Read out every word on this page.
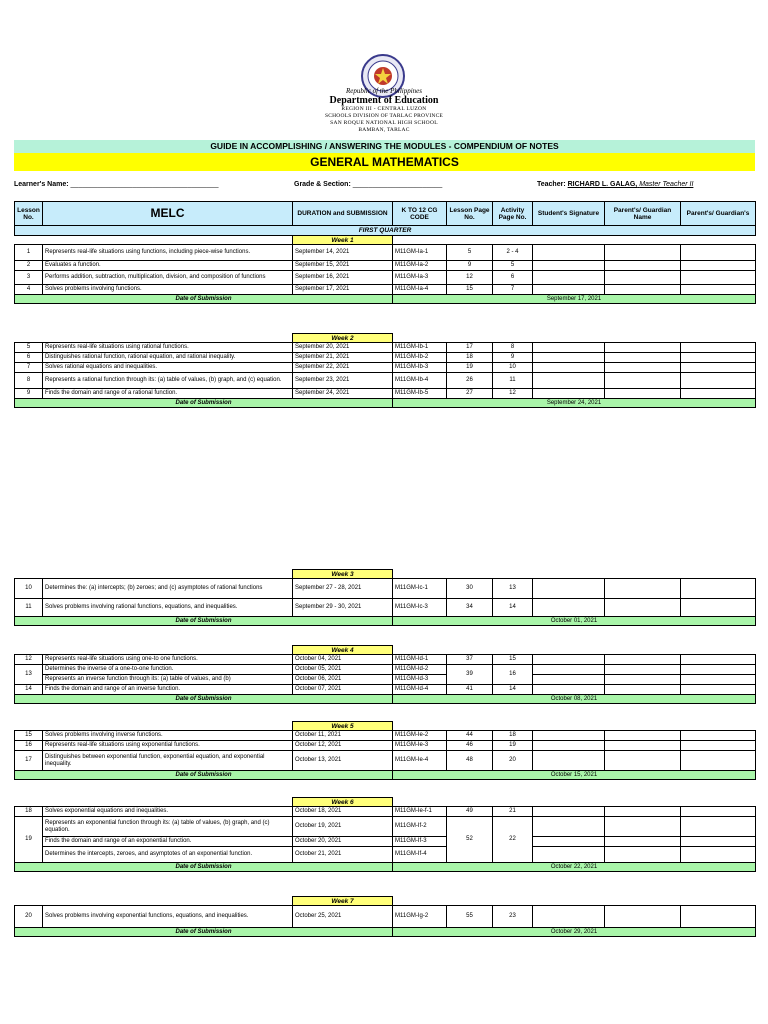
Republic of the Philippines
Department of Education
REGION III - CENTRAL LUZON
SCHOOLS DIVISION OF TARLAC PROVINCE
SAN ROQUE NATIONAL HIGH SCHOOL
BAMBAN, TARLAC
GUIDE IN ACCOMPLISHING / ANSWERING THE MODULES - COMPENDIUM OF NOTES
GENERAL MATHEMATICS
Learner's Name: ______________________________________	Grade & Section: _______________________	Teacher: RICHARD L. GALAG, Master Teacher II
Lesson No.	MELC	DURATION and SUBMISSION	K TO 12 CG CODE	Lesson Page No.	Activity Page No.	Student's Signature	Parent's/ Guardian Name	Parent's/ Guardian's
FIRST QUARTER
		Week 1						
1	Represents real-life situations using functions, including piece-wise functions.	September 14, 2021	M11GM-Ia-1	5	2 - 4			
2	Evaluates a function.	September 15, 2021	M11GM-Ia-2	9	5			
3	Performs addition, subtraction, multiplication, division, and composition of functions	September 16, 2021	M11GM-Ia-3	12	6			
4	Solves problems involving functions.	September 17, 2021	M11GM-Ia-4	15	7			
Date of Submission			September 17, 2021					
		Week 2						
5	Represents real-life situations using rational functions.	September 20, 2021	M11GM-Ib-1	17	8			
6	Distinguishes rational function, rational equation, and rational inequality.	September 21, 2021	M11GM-Ib-2	18	9			
7	Solves rational equations and inequalities.	September 22, 2021	M11GM-Ib-3	19	10			
8	Represents a rational function through its: (a) table of values, (b) graph, and (c) equation.	September 23, 2021	M11GM-Ib-4	26	11			
9	Finds the domain and range of a rational function.	September 24, 2021	M11GM-Ib-5	27	12			
Date of Submission			September 24, 2021					
		Week 3						
10	Determines the: (a) intercepts; (b) zeroes; and (c) asymptotes of rational functions	September 27 - 28, 2021	M11GM-Ic-1	30	13			
11	Solves problems involving rational functions, equations, and inequalities.	September 29 - 30, 2021	M11GM-Ic-3	34	14			
Date of Submission			October 01, 2021					
		Week 4						
12	Represents real-life situations using one-to one functions.	October 04, 2021	M11GM-Id-1	37	15			
13	Determines the inverse of a one-to-one function.	October 05, 2021	M11GM-Id-2	39	16			
	Represents an inverse function through its: (a) table of values, and (b)	October 06, 2021	M11GM-Id-3					
14	Finds the domain and range of an inverse function.	October 07, 2021	M11GM-Id-4	41	14			
Date of Submission			October 08, 2021					
		Week 5						
15	Solves problems involving inverse functions.	October 11, 2021	M11GM-Ie-2	44	18			
16	Represents real-life situations using exponential functions.	October 12, 2021	M11GM-Ie-3	46	19			
17	Distinguishes between exponential function, exponential equation, and exponential inequality.	October 13, 2021	M11GM-Ie-4	48	20			
Date of Submission			October 15, 2021					
		Week 6						
18	Solves exponential equations and inequalities.	October 18, 2021	M11GM-Ie-f-1	49	21			
19	Represents an exponential function through its: (a) table of values, (b) graph, and (c) equation.	October 19, 2021	M11GM-If-2	52	22			
	Finds the domain and range of an exponential function.	October 20, 2021	M11GM-If-3					
	Determines the intercepts, zeroes, and asymptotes of an exponential function.	October 21, 2021	M11GM-If-4					
Date of Submission			October 22, 2021					
		Week 7						
20	Solves problems involving exponential functions, equations, and inequalities.	October 25, 2021	M11GM-Ig-2	55	23			
Date of Submission			October 29, 2021					
